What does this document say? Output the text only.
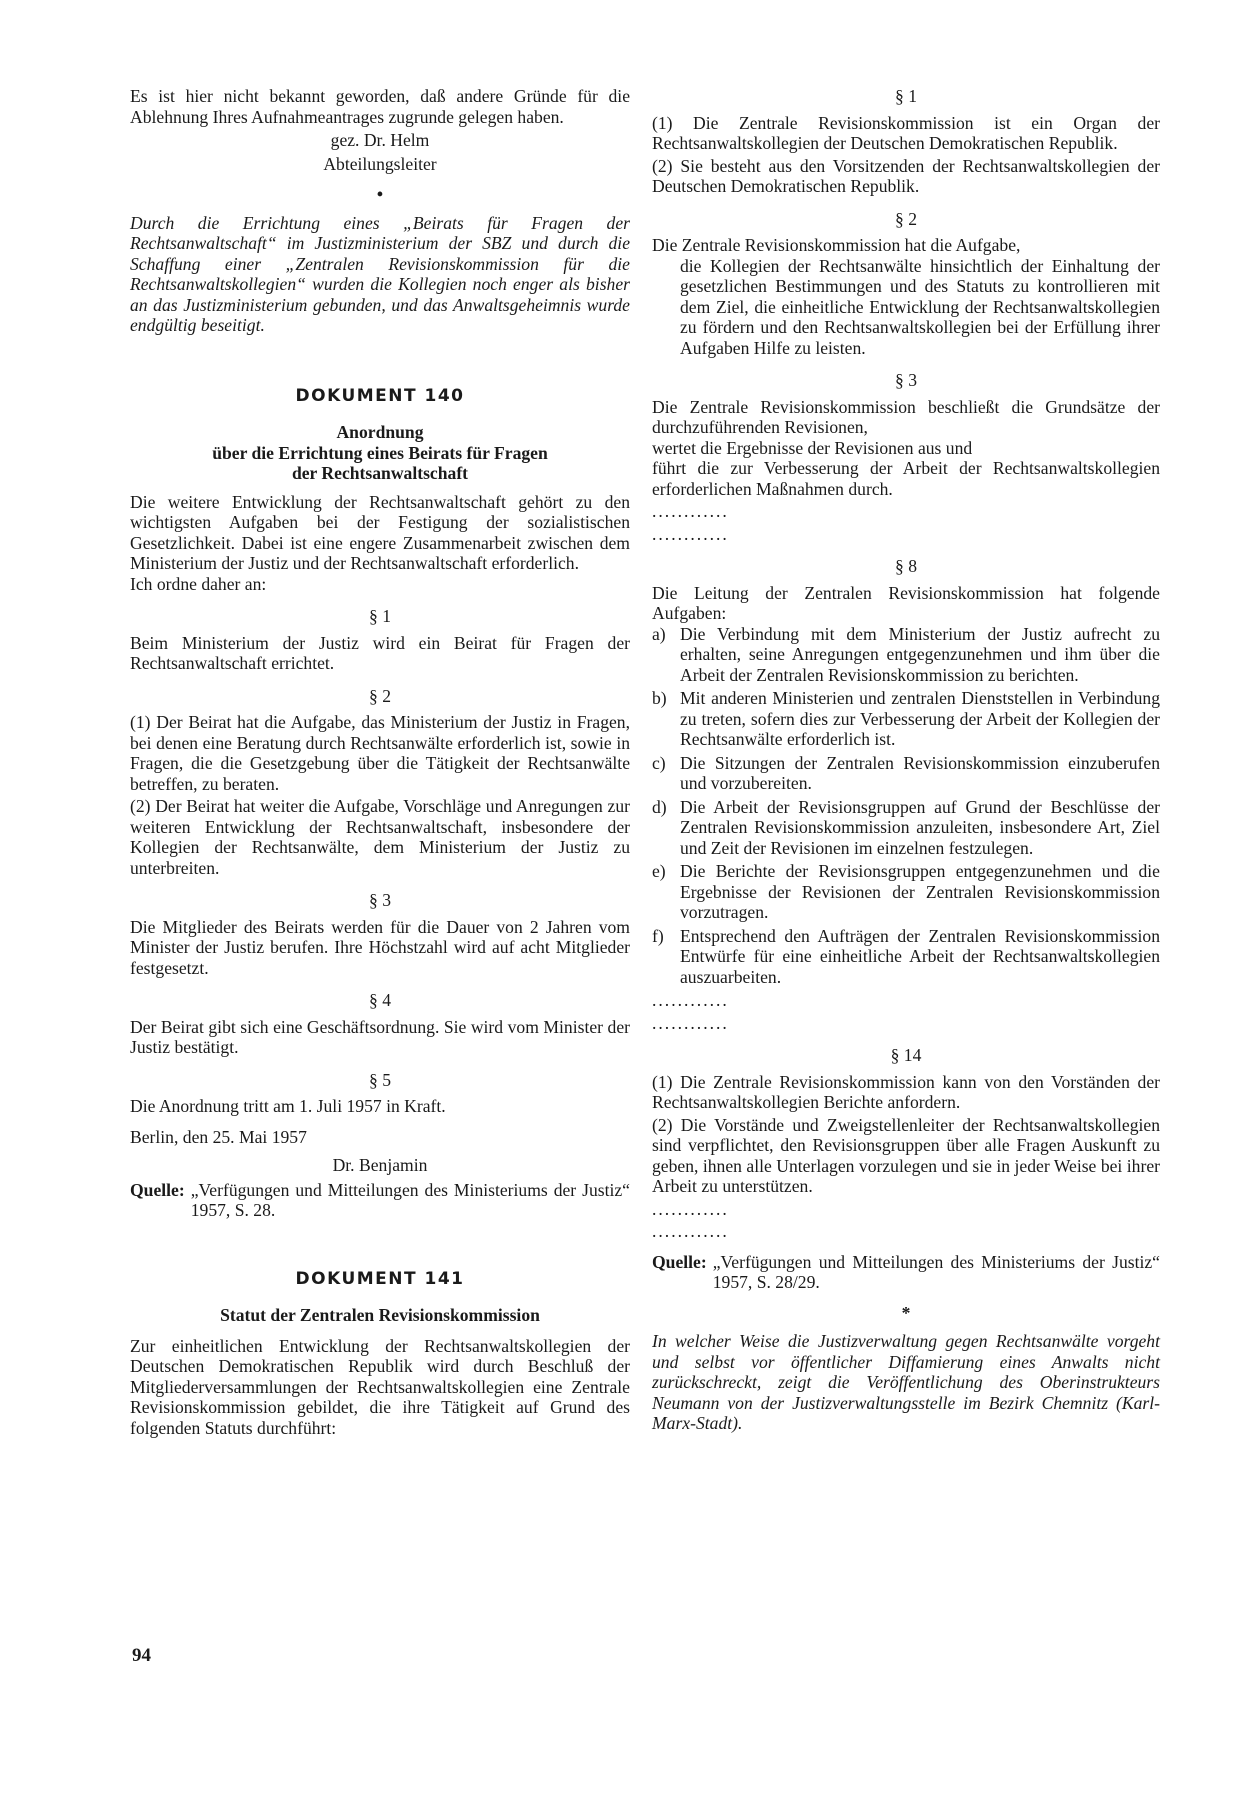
Es ist hier nicht bekannt geworden, daß andere Gründe für die Ablehnung Ihres Aufnahmeantrages zugrunde gelegen haben.

gez. Dr. Helm

Abteilungsleiter

•

Durch die Errichtung eines „Beirats für Fragen der Rechtsanwaltschaft“ im Justizministerium der SBZ und durch die Schaffung einer „Zentralen Revisionskommission für die Rechtsanwaltskollegien“ wurden die Kollegien noch enger als bisher an das Justizministerium gebunden, und das Anwaltsgeheimnis wurde endgültig beseitigt.

DOKUMENT 140

Anordnung

über die Errichtung eines Beirats für Fragen

der Rechtsanwaltschaft

Die weitere Entwicklung der Rechtsanwaltschaft gehört zu den wichtigsten Aufgaben bei der Festigung der sozialistischen Gesetzlichkeit. Dabei ist eine engere Zusammenarbeit zwischen dem Ministerium der Justiz und der Rechtsanwaltschaft erforderlich.

Ich ordne daher an:

§ 1

Beim Ministerium der Justiz wird ein Beirat für Fragen der Rechtsanwaltschaft errichtet.

§ 2

(1) Der Beirat hat die Aufgabe, das Ministerium der Justiz in Fragen, bei denen eine Beratung durch Rechtsanwälte erforderlich ist, sowie in Fragen, die die Gesetzgebung über die Tätigkeit der Rechtsanwälte betreffen, zu beraten.

(2) Der Beirat hat weiter die Aufgabe, Vorschläge und Anregungen zur weiteren Entwicklung der Rechtsanwaltschaft, insbesondere der Kollegien der Rechtsanwälte, dem Ministerium der Justiz zu unterbreiten.

§ 3

Die Mitglieder des Beirats werden für die Dauer von 2 Jahren vom Minister der Justiz berufen. Ihre Höchstzahl wird auf acht Mitglieder festgesetzt.

§ 4

Der Beirat gibt sich eine Geschäftsordnung. Sie wird vom Minister der Justiz bestätigt.

§ 5

Die Anordnung tritt am 1. Juli 1957 in Kraft.

Berlin, den 25. Mai 1957

Dr. Benjamin

Quelle: „Verfügungen und Mitteilungen des Ministeriums der Justiz“ 1957, S. 28.
DOKUMENT 141

Statut der Zentralen Revisionskommission

Zur einheitlichen Entwicklung der Rechtsanwaltskollegien der Deutschen Demokratischen Republik wird durch Beschluß der Mitgliederversammlungen der Rechtsanwaltskollegien eine Zentrale Revisionskommission gebildet, die ihre Tätigkeit auf Grund des folgenden Statuts durchführt:

§ 1

(1) Die Zentrale Revisionskommission ist ein Organ der Rechtsanwaltskollegien der Deutschen Demokratischen Republik.

(2) Sie besteht aus den Vorsitzenden der Rechtsanwaltskollegien der Deutschen Demokratischen Republik.

§ 2

Die Zentrale Revisionskommission hat die Aufgabe,

die Kollegien der Rechtsanwälte hinsichtlich der Einhaltung der gesetzlichen Bestimmungen und des Statuts zu kontrollieren mit dem Ziel, die einheitliche Entwicklung der Rechtsanwaltskollegien zu fördern und den Rechtsanwaltskollegien bei der Erfüllung ihrer Aufgaben Hilfe zu leisten.

§ 3

Die Zentrale Revisionskommission beschließt die Grundsätze der durchzuführenden Revisionen,

wertet die Ergebnisse der Revisionen aus und

führt die zur Verbesserung der Arbeit der Rechtsanwaltskollegien erforderlichen Maßnahmen durch.

............
............
§ 8

Die Leitung der Zentralen Revisionskommission hat folgende Aufgaben:

a) Die Verbindung mit dem Ministerium der Justiz aufrecht zu erhalten, seine Anregungen entgegenzunehmen und ihm über die Arbeit der Zentralen Revisionskommission zu berichten.
b) Mit anderen Ministerien und zentralen Dienststellen in Verbindung zu treten, sofern dies zur Verbesserung der Arbeit der Kollegien der Rechtsanwälte erforderlich ist.
c) Die Sitzungen der Zentralen Revisionskommission einzuberufen und vorzubereiten.
d) Die Arbeit der Revisionsgruppen auf Grund der Beschlüsse der Zentralen Revisionskommission anzuleiten, insbesondere Art, Ziel und Zeit der Revisionen im einzelnen festzulegen.
e) Die Berichte der Revisionsgruppen entgegenzunehmen und die Ergebnisse der Revisionen der Zentralen Revisionskommission vorzutragen.
f) Entsprechend den Aufträgen der Zentralen Revisionskommission Entwürfe für eine einheitliche Arbeit der Rechtsanwaltskollegien auszuarbeiten.
............
............
§ 14

(1) Die Zentrale Revisionskommission kann von den Vorständen der Rechtsanwaltskollegien Berichte anfordern.

(2) Die Vorstände und Zweigstellenleiter der Rechtsanwaltskollegien sind verpflichtet, den Revisionsgruppen über alle Fragen Auskunft zu geben, ihnen alle Unterlagen vorzulegen und sie in jeder Weise bei ihrer Arbeit zu unterstützen.

............
............
Quelle: „Verfügungen und Mitteilungen des Ministeriums der Justiz“ 1957, S. 28/29.
*

In welcher Weise die Justizverwaltung gegen Rechtsanwälte vorgeht und selbst vor öffentlicher Diffamierung eines Anwalts nicht zurückschreckt, zeigt die Veröffentlichung des Oberinstrukteurs Neumann von der Justizverwaltungsstelle im Bezirk Chemnitz (Karl-Marx-Stadt).

94
